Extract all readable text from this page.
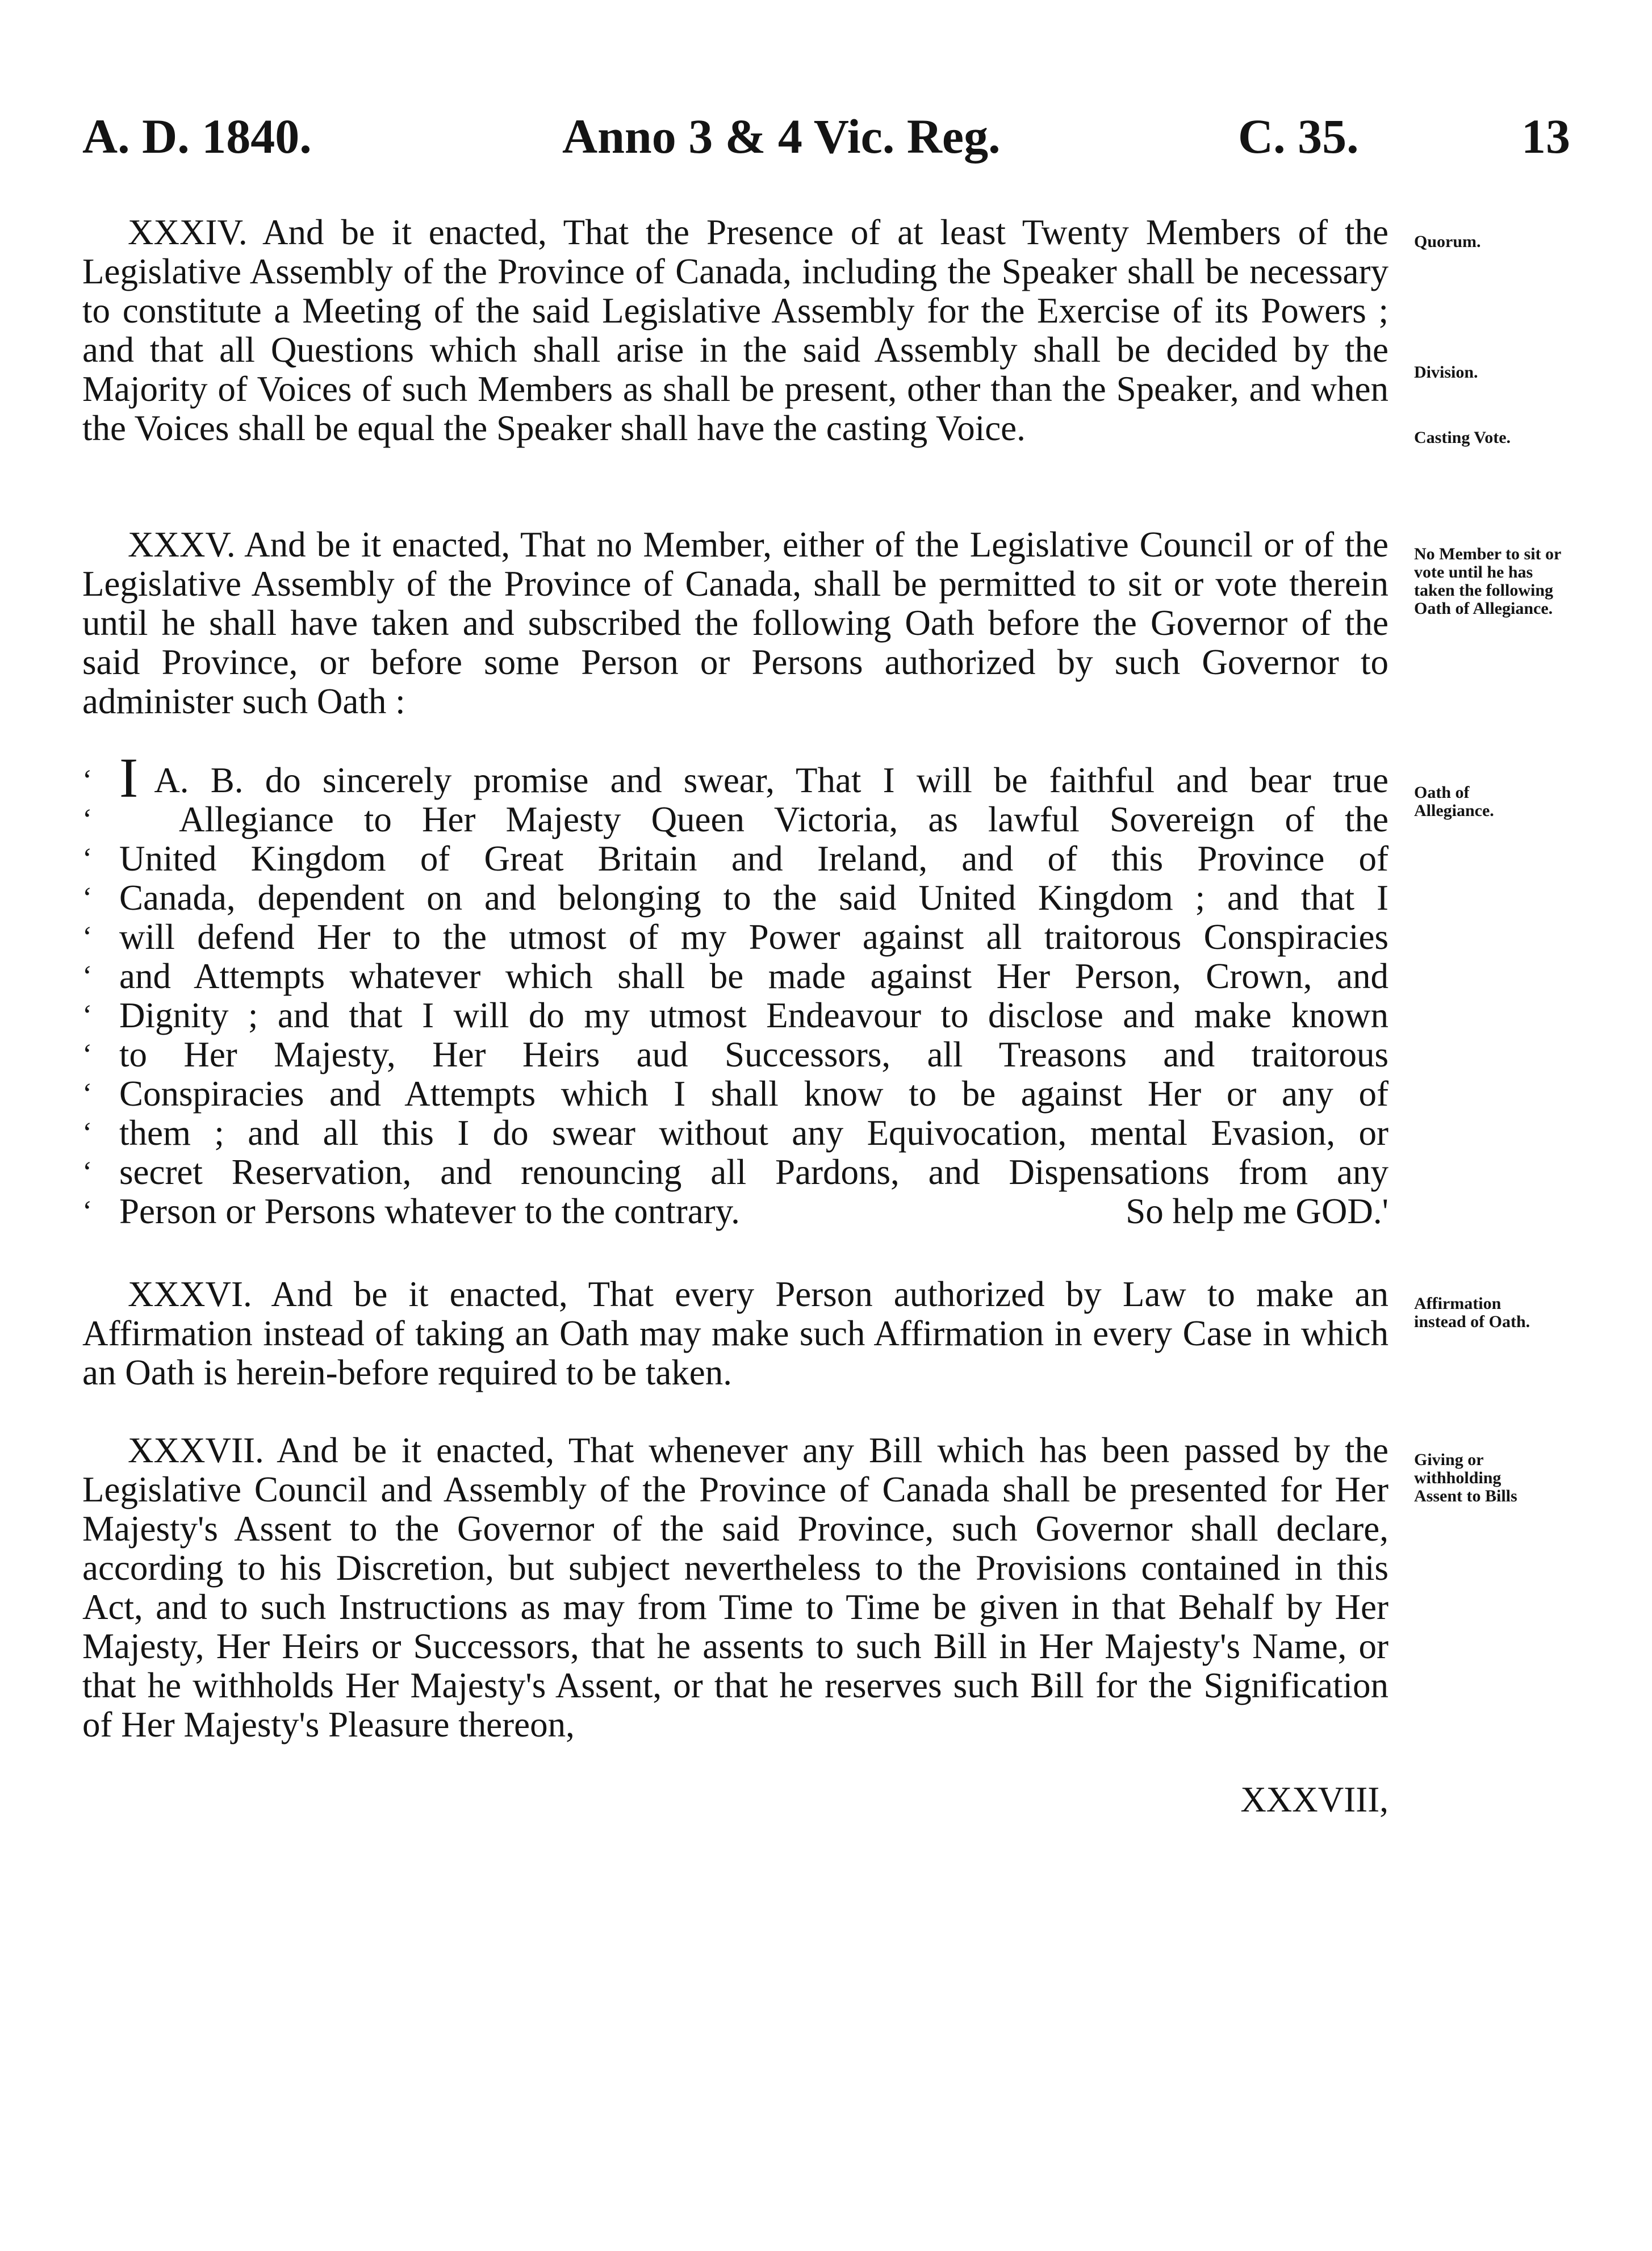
A. D. 1840.	Anno 3 & 4 Vic. Reg.	C. 35.	13
XXXIV. And be it enacted, That the Presence of at least Twenty Members of the Legislative Assembly of the Province of Canada, including the Speaker shall be necessary to constitute a Meeting of the said Legislative Assembly for the Exercise of its Powers ; and that all Questions which shall arise in the said Assembly shall be decided by the Majority of Voices of such Members as shall be present, other than the Speaker, and when the Voices shall be equal the Speaker shall have the casting Voice.
Quorum.
Division.
Casting Vote.
XXXV. And be it enacted, That no Member, either of the Legislative Council or of the Legislative Assembly of the Province of Canada, shall be permitted to sit or vote therein until he shall have taken and subscribed the following Oath before the Governor of the said Province, or before some Person or Persons authorized by such Governor to administer such Oath :
No Member to sit or vote until he has taken the following Oath of Allegiance.
‘ I A. B. do sincerely promise and swear, That I will be faithful and bear true
‘ Allegiance to Her Majesty Queen Victoria, as lawful Sovereign of the
‘ United Kingdom of Great Britain and Ireland, and of this Province of
‘ Canada, dependent on and belonging to the said United Kingdom ; and that I
‘ will defend Her to the utmost of my Power against all traitorous Conspiracies
‘ and Attempts whatever which shall be made against Her Person, Crown, and
‘ Dignity ; and that I will do my utmost Endeavour to disclose and make known
‘ to Her Majesty, Her Heirs aud Successors, all Treasons and traitorous
‘ Conspiracies and Attempts which I shall know to be against Her or any of
‘ them ; and all this I do swear without any Equivocation, mental Evasion, or
‘ secret Reservation, and renouncing all Pardons, and Dispensations from any
‘ Person or Persons whatever to the contrary.	So help me GOD.'
Oath of Allegiance.
XXXVI. And be it enacted, That every Person authorized by Law to make an Affirmation instead of taking an Oath may make such Affirmation in every Case in which an Oath is herein-before required to be taken.
Affirmation instead of Oath.
XXXVII. And be it enacted, That whenever any Bill which has been passed by the Legislative Council and Assembly of the Province of Canada shall be presented for Her Majesty's Assent to the Governor of the said Province, such Governor shall declare, according to his Discretion, but subject nevertheless to the Provisions contained in this Act, and to such Instructions as may from Time to Time be given in that Behalf by Her Majesty, Her Heirs or Successors, that he assents to such Bill in Her Majesty's Name, or that he withholds Her Majesty's Assent, or that he reserves such Bill for the Signification of Her Majesty's Pleasure thereon,
Giving or withholding Assent to Bills
XXXVIII,
